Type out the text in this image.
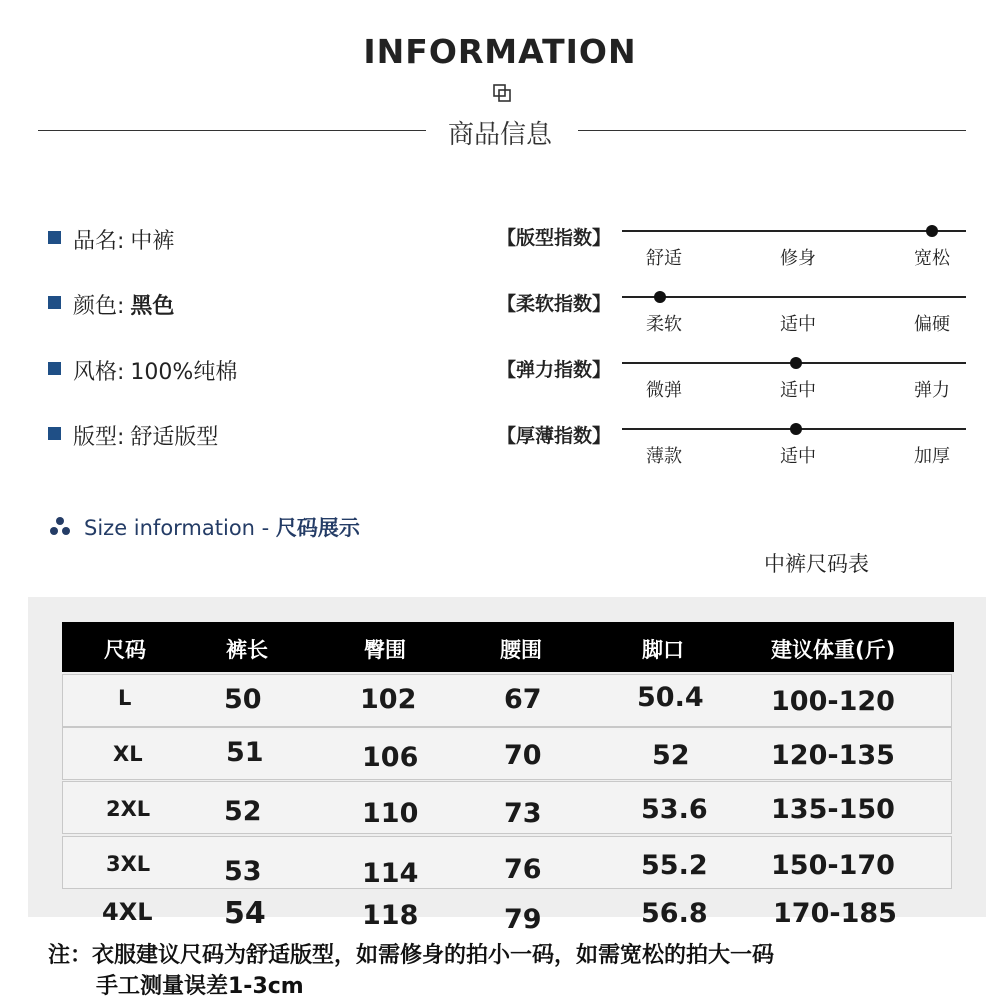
INFORMATION
商品信息
品名: 中裤
颜色: 黑色
风格: 100%纯棉
版型: 舒适版型
【版型指数】
舒适	修身	宽松
【柔软指数】
柔软	适中	偏硬
【弹力指数】
微弹	适中	弹力
【厚薄指数】
薄款	适中	加厚
Size information - 尺码展示
中裤尺码表
尺码	裤长	臀围	腰围	脚口	建议体重(斤)
L	50	102	67	50.4 100-120
XL	51	106	70	52	120-135
2XL	52	110	73	53.6 135-150
3XL	53	114	76	55.2 150-170
4XL 54	118	79	56.8 170-185
注：衣服建议尺码为舒适版型，如需修身的拍小一码，如需宽松的拍大一码
手工测量误差1-3cm
